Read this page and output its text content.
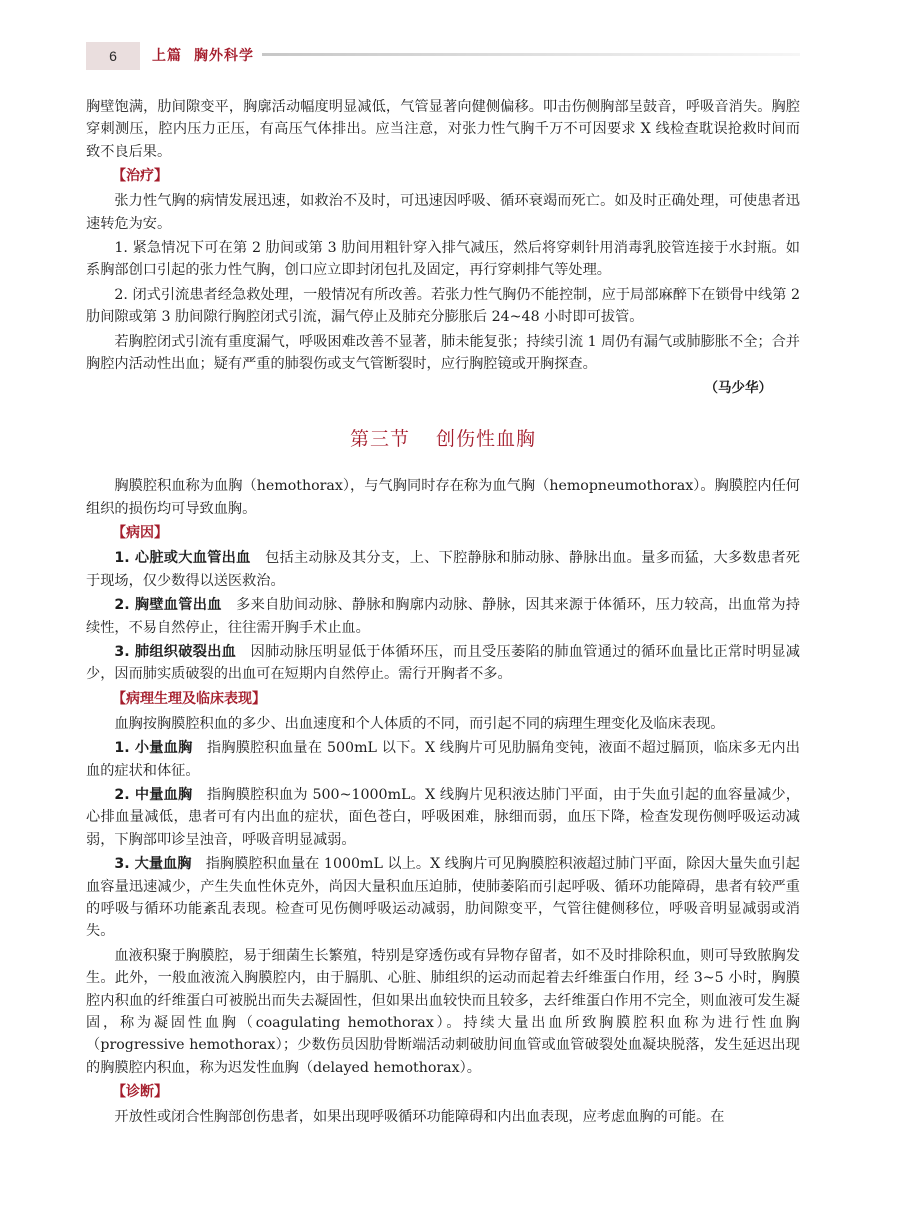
6	上篇 胸外科学

胸壁饱满，肋间隙变平，胸廓活动幅度明显减低，气管显著向健侧偏移。叩击伤侧胸部呈鼓音，呼吸音消失。胸腔穿刺测压，腔内压力正压，有高压气体排出。应当注意，对张力性气胸千万不可因要求 X 线检查耽误抢救时间而致不良后果。

【治疗】

张力性气胸的病情发展迅速，如救治不及时，可迅速因呼吸、循环衰竭而死亡。如及时正确处理，可使患者迅速转危为安。

1. 紧急情况下可在第 2 肋间或第 3 肋间用粗针穿入排气减压，然后将穿刺针用消毒乳胶管连接于水封瓶。如系胸部创口引起的张力性气胸，创口应立即封闭包扎及固定，再行穿刺排气等处理。

2. 闭式引流患者经急救处理，一般情况有所改善。若张力性气胸仍不能控制，应于局部麻醉下在锁骨中线第 2 肋间隙或第 3 肋间隙行胸腔闭式引流，漏气停止及肺充分膨胀后 24~48 小时即可拔管。

若胸腔闭式引流有重度漏气，呼吸困难改善不显著，肺未能复张；持续引流 1 周仍有漏气或肺膨胀不全；合并胸腔内活动性出血；疑有严重的肺裂伤或支气管断裂时，应行胸腔镜或开胸探查。

（马少华）
第三节 创伤性血胸

胸膜腔积血称为血胸（hemothorax），与气胸同时存在称为血气胸（hemopneumothorax）。胸膜腔内任何组织的损伤均可导致血胸。

【病因】

1. 心脏或大血管出血　 包括主动脉及其分支，上、下腔静脉和肺动脉、静脉出血。量多而猛，大多数患者死于现场，仅少数得以送医救治。

2. 胸壁血管出血　 多来自肋间动脉、静脉和胸廓内动脉、静脉，因其来源于体循环，压力较高，出血常为持续性，不易自然停止，往往需开胸手术止血。

3. 肺组织破裂出血　 因肺动脉压明显低于体循环压，而且受压萎陷的肺血管通过的循环血量比正常时明显减少，因而肺实质破裂的出血可在短期内自然停止。需行开胸者不多。

【病理生理及临床表现】

血胸按胸膜腔积血的多少、出血速度和个人体质的不同，而引起不同的病理生理变化及临床表现。

1. 小量血胸　 指胸膜腔积血量在 500mL 以下。X 线胸片可见肋膈角变钝，液面不超过膈顶，临床多无内出血的症状和体征。

2. 中量血胸　 指胸膜腔积血为 500~1000mL。X 线胸片见积液达肺门平面，由于失血引起的血容量减少，心排血量减低，患者可有内出血的症状，面色苍白，呼吸困难，脉细而弱，血压下降，检查发现伤侧呼吸运动减弱，下胸部叩诊呈浊音，呼吸音明显减弱。

3. 大量血胸　 指胸膜腔积血量在 1000mL 以上。X 线胸片可见胸膜腔积液超过肺门平面，除因大量失血引起血容量迅速减少，产生失血性休克外，尚因大量积血压迫肺，使肺萎陷而引起呼吸、循环功能障碍，患者有较严重的呼吸与循环功能紊乱表现。检查可见伤侧呼吸运动减弱，肋间隙变平，气管往健侧移位，呼吸音明显减弱或消失。

血液积聚于胸膜腔，易于细菌生长繁殖，特别是穿透伤或有异物存留者，如不及时排除积血，则可导致脓胸发生。此外，一般血液流入胸膜腔内，由于膈肌、心脏、肺组织的运动而起着去纤维蛋白作用，经 3~5 小时，胸膜腔内积血的纤维蛋白可被脱出而失去凝固性，但如果出血较快而且较多，去纤维蛋白作用不完全，则血液可发生凝固，称为凝固性血胸（coagulating hemothorax）。持续大量出血所致胸膜腔积血称为进行性血胸（progressive hemothorax）；少数伤员因肋骨断端活动刺破肋间血管或血管破裂处血凝块脱落，发生延迟出现的胸膜腔内积血，称为迟发性血胸（delayed hemothorax）。

【诊断】

开放性或闭合性胸部创伤患者，如果出现呼吸循环功能障碍和内出血表现，应考虑血胸的可能。在
